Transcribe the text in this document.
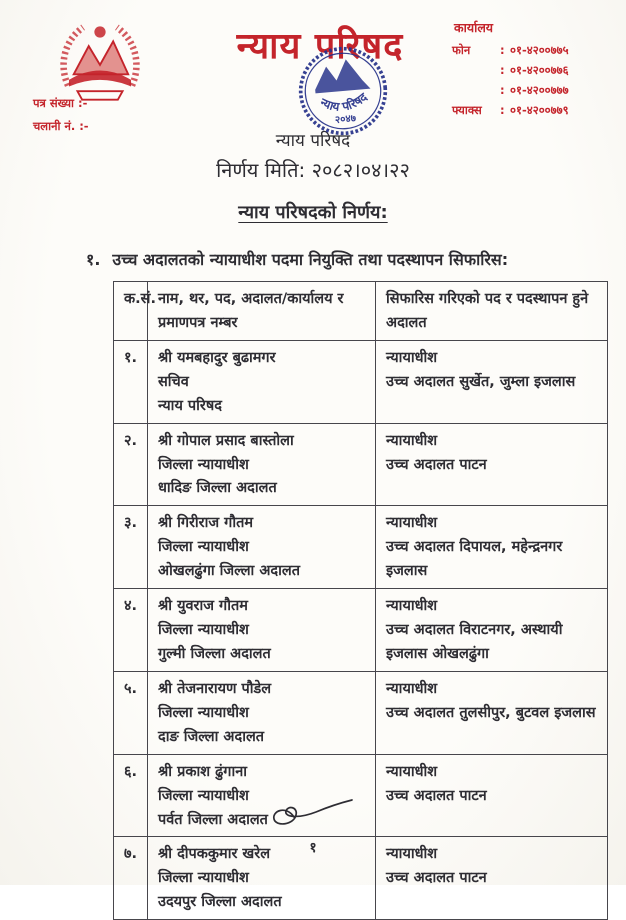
न्याय परिषद
न्याय परिषद
२०४७
कार्यालय
फोन	: ०१-४२००७७५
: ०१-४२००७७६
: ०१-४२००७७७
फ्याक्स	: ०१-४२००७७९
पत्र संख्या :-
चलानी नं. :-
न्याय परिषद
निर्णय मिति: २०८२।०४।२२
न्याय परिषदको निर्णय:
१. उच्च अदालतको न्यायाधीश पदमा नियुक्ति तथा पदस्थापन सिफारिस:
क.सं.	नाम, थर, पद, अदालत/कार्यालय र प्रमाणपत्र नम्बर	सिफारिस गरिएको पद र पदस्थापन हुने अदालत
१.	श्री यमबहादुर बुढामगर
सचिव
न्याय परिषद

न्यायाधीश
उच्च अदालत सुर्खेत, जुम्ला इजलास

२.	श्री गोपाल प्रसाद बास्तोला
जिल्ला न्यायाधीश
धादिङ जिल्ला अदालत

न्यायाधीश
उच्च अदालत पाटन

३.	श्री गिरीराज गौतम
जिल्ला न्यायाधीश
ओखलढुंगा जिल्ला अदालत

न्यायाधीश
उच्च अदालत दिपायल, महेन्द्रनगर इजलास

४.	श्री युवराज गौतम
जिल्ला न्यायाधीश
गुल्मी जिल्ला अदालत

न्यायाधीश
उच्च अदालत विराटनगर, अस्थायी इजलास ओखलढुंगा

५.	श्री तेजनारायण पौडेल
जिल्ला न्यायाधीश
दाङ जिल्ला अदालत

न्यायाधीश
उच्च अदालत तुलसीपुर, बुटवल इजलास

६.	श्री प्रकाश ढुंगाना
जिल्ला न्यायाधीश
पर्वत जिल्ला अदालत

न्यायाधीश
उच्च अदालत पाटन

७.	श्री दीपककुमार खरेल
जिल्ला न्यायाधीश
उदयपुर जिल्ला अदालत

न्यायाधीश
उच्च अदालत पाटन
१
